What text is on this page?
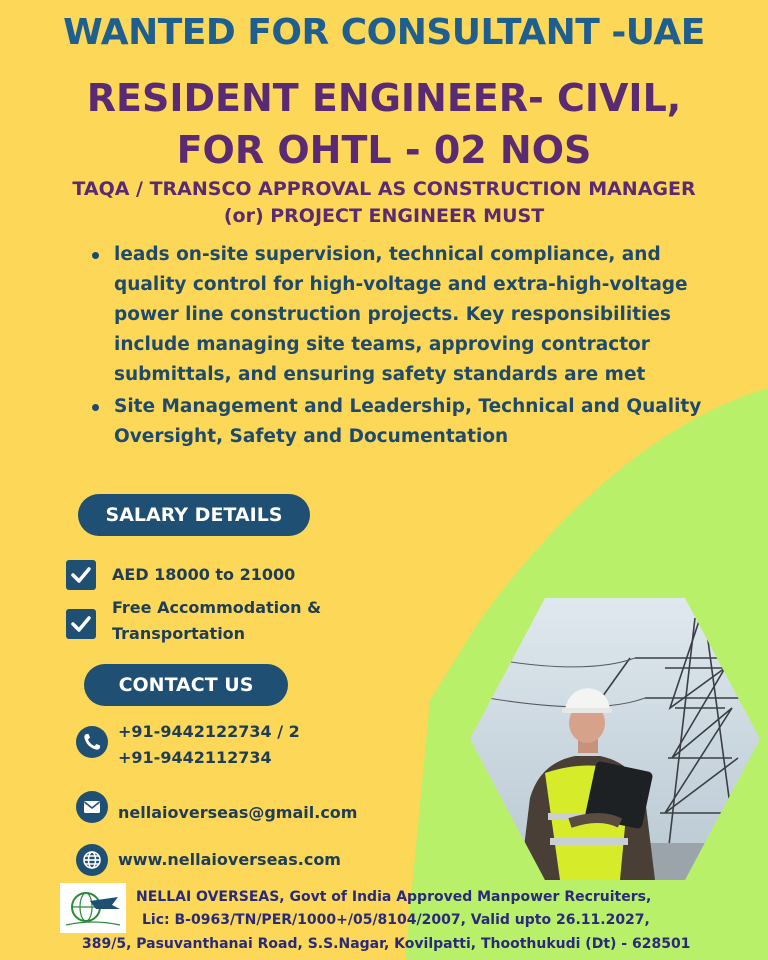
WANTED FOR CONSULTANT -UAE
RESIDENT ENGINEER- CIVIL,
FOR OHTL - 02 NOS
TAQA / TRANSCO APPROVAL AS CONSTRUCTION MANAGER
(or) PROJECT ENGINEER MUST
leads on-site supervision, technical compliance, and quality control for high-voltage and extra-high-voltage power line construction projects. Key responsibilities include managing site teams, approving contractor submittals, and ensuring safety standards are met
Site Management and Leadership, Technical and Quality Oversight, Safety and Documentation
SALARY DETAILS
AED 18000 to 21000
Free Accommodation & Transportation
CONTACT US
+91-9442122734 / 2
+91-9442112734
nellaioverseas@gmail.com
www.nellaioverseas.com
NELLAI OVERSEAS, Govt of India Approved Manpower Recruiters,
Lic: B-0963/TN/PER/1000+/05/8104/2007, Valid upto 26.11.2027,
389/5, Pasuvanthanai Road, S.S.Nagar, Kovilpatti, Thoothukudi (Dt) - 628501
